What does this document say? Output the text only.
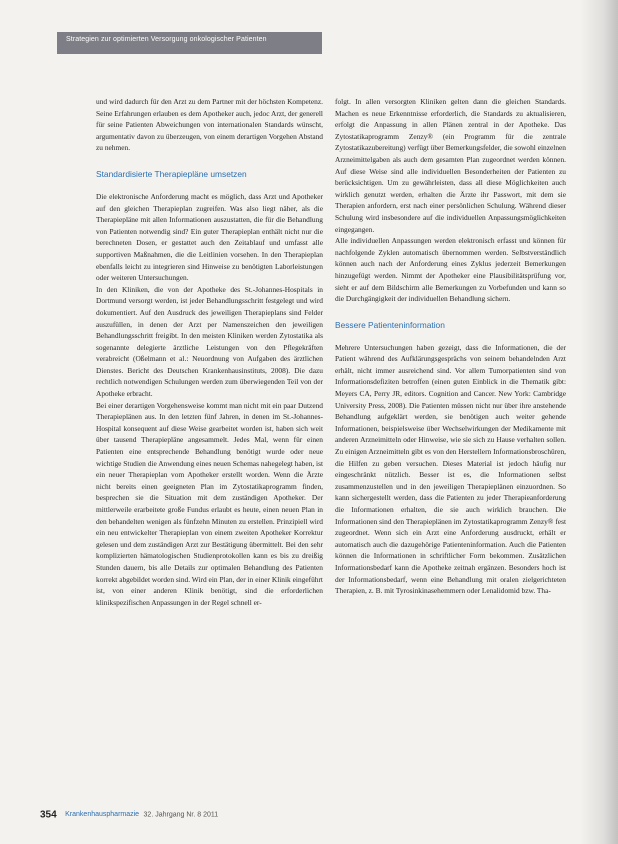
Strategien zur optimierten Versorgung onkologischer Patienten

und wird dadurch für den Arzt zu dem Partner mit der höchsten Kompetenz. Seine Erfahrungen erlauben es dem Apotheker auch, jedoc Arzt, der generell für seine Patienten Abweichungen von internationalen Standards wünscht, argumentativ davon zu überzeugen, von einem derartigen Vorgehen Abstand zu nehmen.

Standardisierte Therapiepläne umsetzen

Die elektronische Anforderung macht es möglich, dass Arzt und Apotheker auf den gleichen Therapieplan zugreifen. Was also liegt näher, als die Therapiepläne mit allen Informationen auszustatten, die für die Behandlung von Patienten notwendig sind? Ein guter Therapieplan enthält nicht nur die berechneten Dosen, er gestattet auch den Zeitablauf und umfasst alle supportiven Maßnahmen, die die Leitlinien vorsehen. In den Therapieplan ebenfalls leicht zu integrieren sind Hinweise zu benötigten Laborleistungen oder weiteren Untersuchungen.

In den Kliniken, die von der Apotheke des St.-Johannes-Hospitals in Dortmund versorgt werden, ist jeder Behandlungsschritt festgelegt und wird dokumentiert. Auf den Ausdruck des jeweiligen Therapieplans sind Felder auszufüllen, in denen der Arzt per Namenszeichen den jeweiligen Behandlungsschritt freigibt. In den meisten Kliniken werden Zytostatika als sogenannte delegierte ärztliche Leistungen von den Pflegekräften verabreicht (Oßelmann et al.: Neuordnung von Aufgaben des ärztlichen Dienstes. Bericht des Deutschen Krankenhausinstituts, 2008). Die dazu rechtlich notwendigen Schulungen werden zum überwiegenden Teil von der Apotheke erbracht.

Bei einer derartigen Vorgehensweise kommt man nicht mit ein paar Dutzend Therapieplänen aus. In den letzten fünf Jahren, in denen im St.-Johannes-Hospital konsequent auf diese Weise gearbeitet worden ist, haben sich weit über tausend Therapiepläne angesammelt. Jedes Mal, wenn für einen Patienten eine entsprechende Behandlung benötigt wurde oder neue wichtige Studien die Anwendung eines neuen Schemas nahegelegt haben, ist ein neuer Therapieplan vom Apotheker erstellt worden. Wenn die Ärzte nicht bereits einen geeigneten Plan im Zytostatikaprogramm finden, besprechen sie die Situation mit dem zuständigen Apotheker. Der mittlerweile erarbeitete große Fundus erlaubt es heute, einen neuen Plan in den behandelten wenigen als fünfzehn Minuten zu erstellen. Prinzipiell wird ein neu entwickelter Therapieplan von einem zweiten Apotheker Korrektur gelesen und dem zuständigen Arzt zur Bestätigung übermittelt. Bei den sehr komplizierten hämatologischen Studienprotokollen kann es bis zu dreißig Stunden dauern, bis alle Details zur optimalen Behandlung des Patienten korrekt abgebildet worden sind. Wird ein Plan, der in einer Klinik eingeführt ist, von einer anderen Klinik benötigt, sind die erforderlichen klinikspezifischen Anpassungen in der Regel schnell er-

folgt. In allen versorgten Kliniken gelten dann die gleichen Standards. Machen es neue Erkenntnisse erforderlich, die Standards zu aktualisieren, erfolgt die Anpassung in allen Plänen zentral in der Apotheke. Das Zytostatikaprogramm Zenzy® (ein Programm für die zentrale Zytostatikazubereitung) verfügt über Bemerkungsfelder, die sowohl einzelnen Arzneimittelgaben als auch dem gesamten Plan zugeordnet werden können. Auf diese Weise sind alle individuellen Besonderheiten der Patienten zu berücksichtigen. Um zu gewährleisten, dass all diese Möglichkeiten auch wirklich genutzt werden, erhalten die Ärzte ihr Passwort, mit dem sie Therapien anfordern, erst nach einer persönlichen Schulung. Während dieser Schulung wird insbesondere auf die individuellen Anpassungsmöglichkeiten eingegangen.

Alle individuellen Anpassungen werden elektronisch erfasst und können für nachfolgende Zyklen automatisch übernommen werden. Selbstverständlich können auch nach der Anforderung eines Zyklus jederzeit Bemerkungen hinzugefügt werden. Nimmt der Apotheker eine Plausibilitätsprüfung vor, sieht er auf dem Bildschirm alle Bemerkungen zu Vorbefunden und kann so die Durchgängigkeit der individuellen Behandlung sichern.

Bessere Patienteninformation

Mehrere Untersuchungen haben gezeigt, dass die Informationen, die der Patient während des Aufklärungsgesprächs von seinem behandelnden Arzt erhält, nicht immer ausreichend sind. Vor allem Tumorpatienten sind von Informationsdefiziten betroffen (einen guten Einblick in die Thematik gibt: Meyers CA, Perry JR, editors. Cognition and Cancer. New York: Cambridge University Press, 2008). Die Patienten müssen nicht nur über ihre anstehende Behandlung aufgeklärt werden, sie benötigen auch weiter gehende Informationen, beispielsweise über Wechselwirkungen der Medikamente mit anderen Arzneimitteln oder Hinweise, wie sie sich zu Hause verhalten sollen. Zu einigen Arzneimitteln gibt es von den Herstellern Informationsbroschüren, die Hilfen zu geben versuchen. Dieses Material ist jedoch häufig nur eingeschränkt nützlich. Besser ist es, die Informationen selbst zusammenzustellen und in den jeweiligen Therapieplänen einzuordnen. So kann sichergestellt werden, dass die Patienten zu jeder Therapieanforderung die Informationen erhalten, die sie auch wirklich brauchen. Die Informationen sind den Therapieplänen im Zytostatikaprogramm Zenzy® fest zugeordnet. Wenn sich ein Arzt eine Anforderung ausdruckt, erhält er automatisch auch die dazugehörige Patienteninformation. Auch die Patienten können die Informationen in schriftlicher Form bekommen. Zusätzlichen Informationsbedarf kann die Apotheke zeitnah ergänzen. Besonders hoch ist der Informationsbedarf, wenn eine Behandlung mit oralen zielgerichteten Therapien, z. B. mit Tyrosinkinasehemmern oder Lenalidomid bzw. Tha-

354 Krankenhauspharmazie 32. Jahrgang Nr. 8 2011
